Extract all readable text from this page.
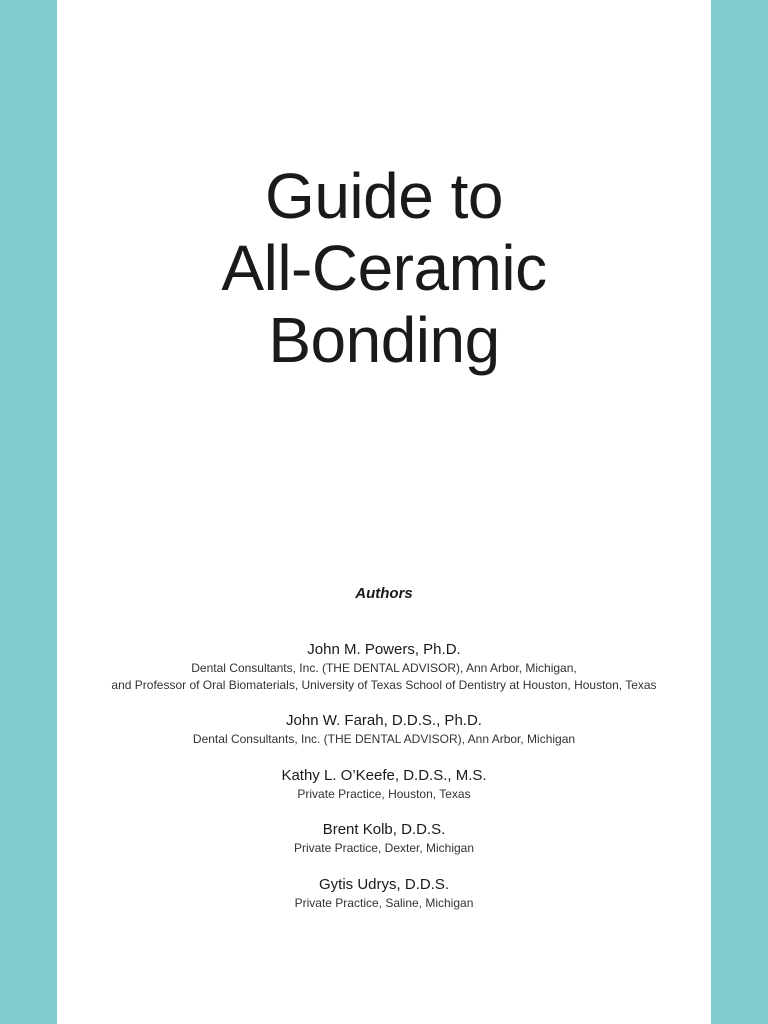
Guide to
All-Ceramic
Bonding
Authors
John M. Powers, Ph.D.
Dental Consultants, Inc. (THE DENTAL ADVISOR), Ann Arbor, Michigan,
and Professor of Oral Biomaterials, University of Texas School of Dentistry at Houston, Houston, Texas
John W. Farah, D.D.S., Ph.D.
Dental Consultants, Inc. (THE DENTAL ADVISOR), Ann Arbor, Michigan
Kathy L. O’Keefe, D.D.S., M.S.
Private Practice, Houston, Texas
Brent Kolb, D.D.S.
Private Practice, Dexter, Michigan
Gytis Udrys, D.D.S.
Private Practice, Saline, Michigan
